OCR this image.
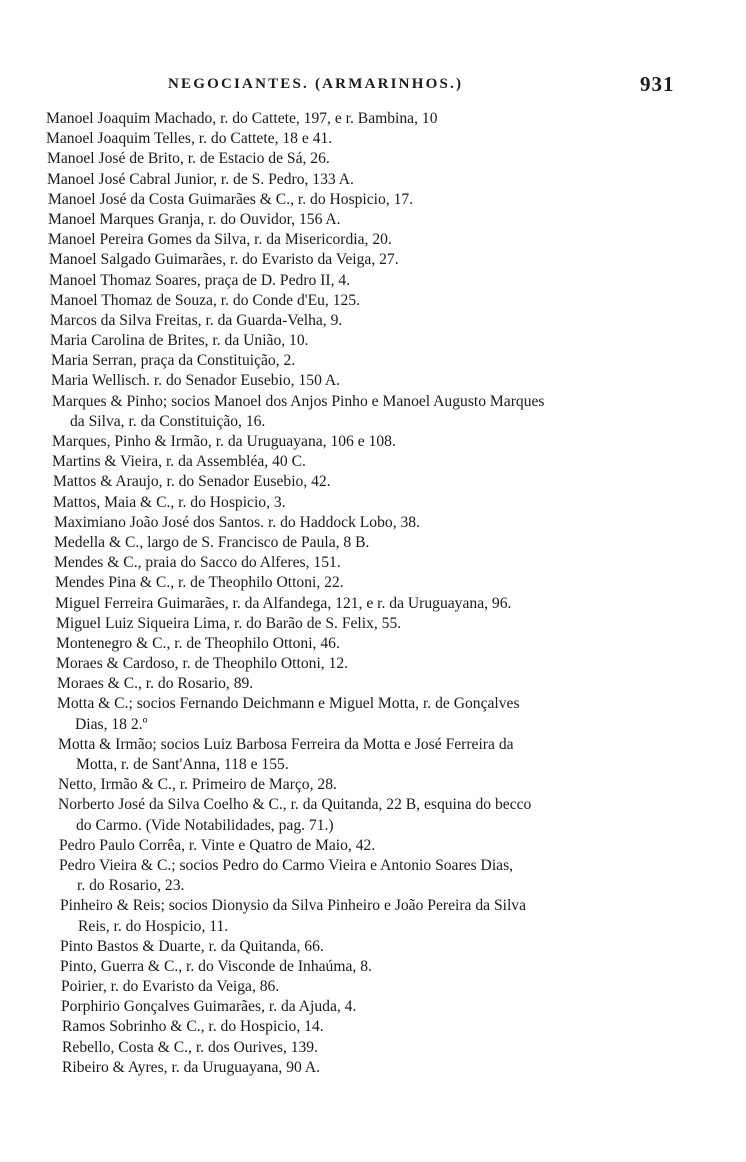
NEGOCIANTES. (ARMARINHOS.)	931
Manoel Joaquim Machado, r. do Cattete, 197, e r. Bambina, 10
Manoel Joaquim Telles, r. do Cattete, 18 e 41.
Manoel José de Brito, r. de Estacio de Sá, 26.
Manoel José Cabral Junior, r. de S. Pedro, 133 A.
Manoel José da Costa Guimarães & C., r. do Hospicio, 17.
Manoel Marques Granja, r. do Ouvidor, 156 A.
Manoel Pereira Gomes da Silva, r. da Misericordia, 20.
Manoel Salgado Guimarães, r. do Evaristo da Veiga, 27.
Manoel Thomaz Soares, praça de D. Pedro II, 4.
Manoel Thomaz de Souza, r. do Conde d'Eu, 125.
Marcos da Silva Freitas, r. da Guarda-Velha, 9.
Maria Carolina de Brites, r. da União, 10.
Maria Serran, praça da Constituição, 2.
Maria Wellisch. r. do Senador Eusebio, 150 A.
Marques & Pinho; socios Manoel dos Anjos Pinho e Manoel Augusto Marques
da Silva, r. da Constituição, 16.
Marques, Pinho & Irmão, r. da Uruguayana, 106 e 108.
Martins & Vieira, r. da Assembléa, 40 C.
Mattos & Araujo, r. do Senador Eusebio, 42.
Mattos, Maia & C., r. do Hospicio, 3.
Maximiano João José dos Santos. r. do Haddock Lobo, 38.
Medella & C., largo de S. Francisco de Paula, 8 B.
Mendes & C., praia do Sacco do Alferes, 151.
Mendes Pina & C., r. de Theophilo Ottoni, 22.
Miguel Ferreira Guimarães, r. da Alfandega, 121, e r. da Uruguayana, 96.
Miguel Luiz Siqueira Lima, r. do Barão de S. Felix, 55.
Montenegro & C., r. de Theophilo Ottoni, 46.
Moraes & Cardoso, r. de Theophilo Ottoni, 12.
Moraes & C., r. do Rosario, 89.
Motta & C.; socios Fernando Deichmann e Miguel Motta, r. de Gonçalves
Dias, 18 2.º
Motta & Irmão; socios Luiz Barbosa Ferreira da Motta e José Ferreira da
Motta, r. de Sant'Anna, 118 e 155.
Netto, Irmão & C., r. Primeiro de Março, 28.
Norberto José da Silva Coelho & C., r. da Quitanda, 22 B, esquina do becco
do Carmo. (Vide Notabilidades, pag. 71.)
Pedro Paulo Corrêa, r. Vinte e Quatro de Maio, 42.
Pedro Vieira & C.; socios Pedro do Carmo Vieira e Antonio Soares Dias,
r. do Rosario, 23.
Pinheiro & Reis; socios Dionysio da Silva Pinheiro e João Pereira da Silva
Reis, r. do Hospicio, 11.
Pinto Bastos & Duarte, r. da Quitanda, 66.
Pinto, Guerra & C., r. do Visconde de Inhaúma, 8.
Poirier, r. do Evaristo da Veiga, 86.
Porphirio Gonçalves Guimarães, r. da Ajuda, 4.
Ramos Sobrinho & C., r. do Hospicio, 14.
Rebello, Costa & C., r. dos Ourives, 139.
Ribeiro & Ayres, r. da Uruguayana, 90 A.
